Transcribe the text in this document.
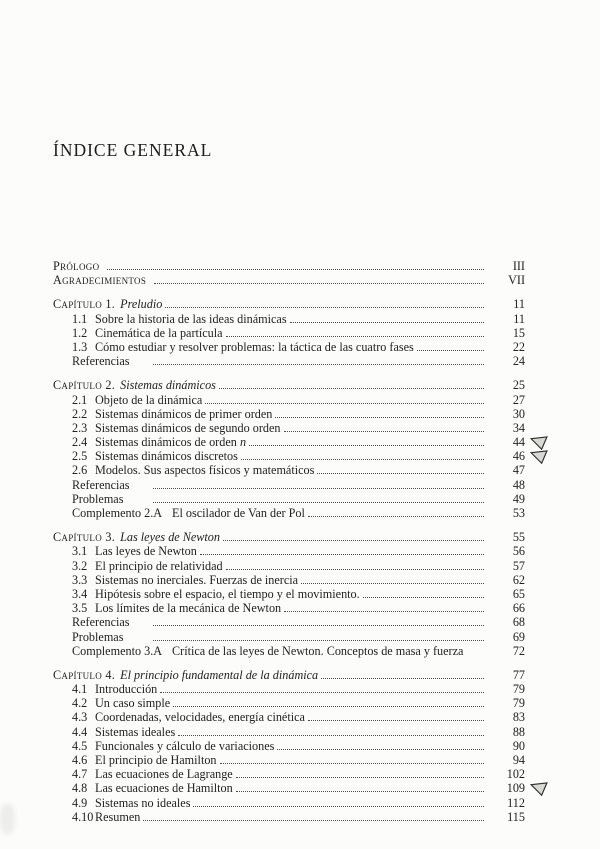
ÍNDICE GENERAL
Prólogo	III
Agradecimientos	VII
Capítulo 1. Preludio	11
1.1 Sobre la historia de las ideas dinámicas	11
1.2 Cinemática de la partícula	15
1.3 Cómo estudiar y resolver problemas: la táctica de las cuatro fases	22
Referencias	24
Capítulo 2. Sistemas dinámicos	25
2.1 Objeto de la dinámica	27
2.2 Sistemas dinámicos de primer orden	30
2.3 Sistemas dinámicos de segundo orden	34
2.4 Sistemas dinámicos de orden n	44
2.5 Sistemas dinámicos discretos	46
2.6 Modelos. Sus aspectos físicos y matemáticos	47
Referencias	48
Problemas	49
Complemento 2.A El oscilador de Van der Pol	53
Capítulo 3. Las leyes de Newton	55
3.1 Las leyes de Newton	56
3.2 El principio de relatividad	57
3.3 Sistemas no inerciales. Fuerzas de inercia	62
3.4 Hipótesis sobre el espacio, el tiempo y el movimiento.	65
3.5 Los límites de la mecánica de Newton	66
Referencias	68
Problemas	69
Complemento 3.A Crítica de las leyes de Newton. Conceptos de masa y fuerza	72
Capítulo 4. El principio fundamental de la dinámica	77
4.1 Introducción	79
4.2 Un caso simple	79
4.3 Coordenadas, velocidades, energía cinética	83
4.4 Sistemas ideales	88
4.5 Funcionales y cálculo de variaciones	90
4.6 El principio de Hamilton	94
4.7 Las ecuaciones de Lagrange	102
4.8 Las ecuaciones de Hamilton	109
4.9 Sistemas no ideales	112
4.10 Resumen	115
